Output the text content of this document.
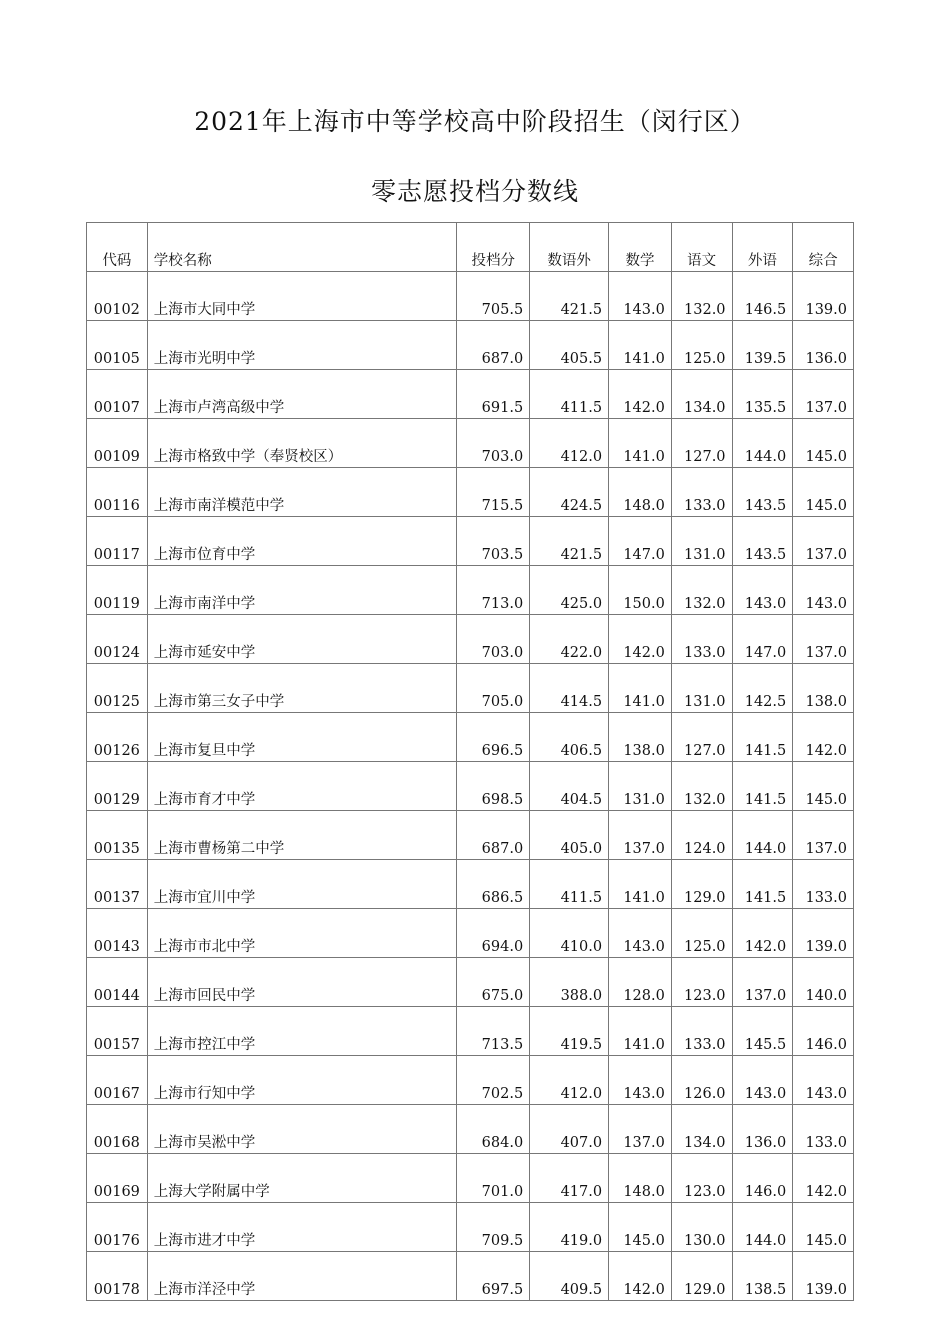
2021年上海市中等学校高中阶段招生（闵行区）
零志愿投档分数线
代码	学校名称	投档分	数语外	数学	语文	外语	综合
00102	上海市大同中学	705.5	421.5	143.0	132.0	146.5	139.0
00105	上海市光明中学	687.0	405.5	141.0	125.0	139.5	136.0
00107	上海市卢湾高级中学	691.5	411.5	142.0	134.0	135.5	137.0
00109	上海市格致中学（奉贤校区）	703.0	412.0	141.0	127.0	144.0	145.0
00116	上海市南洋模范中学	715.5	424.5	148.0	133.0	143.5	145.0
00117	上海市位育中学	703.5	421.5	147.0	131.0	143.5	137.0
00119	上海市南洋中学	713.0	425.0	150.0	132.0	143.0	143.0
00124	上海市延安中学	703.0	422.0	142.0	133.0	147.0	137.0
00125	上海市第三女子中学	705.0	414.5	141.0	131.0	142.5	138.0
00126	上海市复旦中学	696.5	406.5	138.0	127.0	141.5	142.0
00129	上海市育才中学	698.5	404.5	131.0	132.0	141.5	145.0
00135	上海市曹杨第二中学	687.0	405.0	137.0	124.0	144.0	137.0
00137	上海市宜川中学	686.5	411.5	141.0	129.0	141.5	133.0
00143	上海市市北中学	694.0	410.0	143.0	125.0	142.0	139.0
00144	上海市回民中学	675.0	388.0	128.0	123.0	137.0	140.0
00157	上海市控江中学	713.5	419.5	141.0	133.0	145.5	146.0
00167	上海市行知中学	702.5	412.0	143.0	126.0	143.0	143.0
00168	上海市吴淞中学	684.0	407.0	137.0	134.0	136.0	133.0
00169	上海大学附属中学	701.0	417.0	148.0	123.0	146.0	142.0
00176	上海市进才中学	709.5	419.0	145.0	130.0	144.0	145.0
00178	上海市洋泾中学	697.5	409.5	142.0	129.0	138.5	139.0
